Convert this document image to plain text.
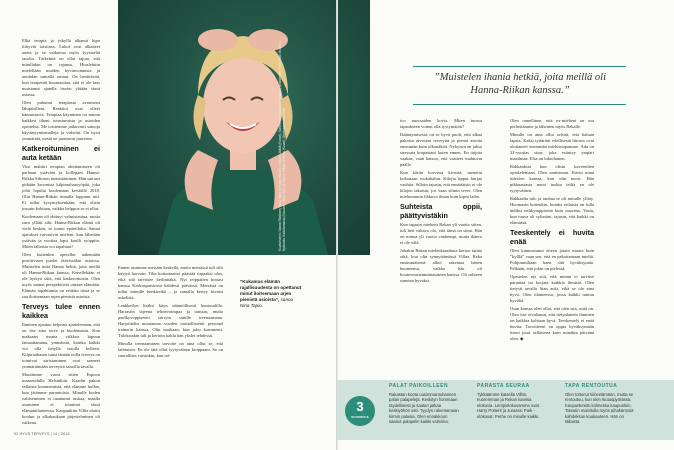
Elkä terapia ja yskyllä alkanut kipu liittyvät toisiinsa. Lukot ovat alkaneet aueta ja se vaikuttaa myös fyysiseltä tasolta. Tärkeintä on ollut tajuta, että mitullakin on rajansa. Hiuslehtiin mielellään muiden hyvinvoinnista ja unohdan samalla omani. On herättävää, kun terapeutti huomauttaa, että ei ole taas muistanut ajatella itseäsi yhtään tässä asiassa.

Olen puhunut terapiasta avoimesti lähipiirilleni. Reaktiot ovat olleet kannustavia. Terapiaa käyminen on minun kaikkea tiheni tutustumista ja asioiden opettelua. Me toistemme jatkuvasti samoja käyttäytymismalleja ja virheitä. On hyvä ymmärtää, mistä ne juontavat juurensa.

Katkeroituminen ei auta ketään

Vksi mahtiri terapian aloittamiseen oli parhaan ystäväni ja kollegani Hanna-Riikka Siltosen menettäminen. Hän sairasti pitkään kroonista kilpirauhassyöpää, joka johti lopulta kuolemaan keväällä 2018. Olin Hanna-Riikan rinnalla loppuun asti. Et tullut kysymyksenkään, että olisin jossain kohtaan, vaikka helppoa se ei ollut.

Kuolemaan oli ehtinyt valmistautua, mutta suru yllätti silti. Hanna-Riikan elämä oli vielä kesken, se tuntui epäreilulta. Samat ajatukset vaivasivat mieleni: kun lähetään ystävän ja vuotiaa lapsi koulli ryöppiin. Miten tällaista voi tapahtua?

Olen kuitenkin opetellut näkemään positiivisen puolet ikävissäkin asioissa. Muistelen mitä Hanna heltiä, jotta meillä oli Hanna-Riikan kanssa. Kenellekään ei ole hyötyä siitä, että katkeroituisin. Olen myös saanut perspektiiviä omaan elämään. Elämän tapahtumia on erittäin tässä ja se saa iloitsemaan arjen pienistä asioista.

Terveys tulee ennen kaikkea

Ihminen ajautuu helposti ajattelemaan, että on itse aina terve ja kuolematon. Kun maksaan monta viikkoa kipuun lamaattamana, ymmärsin, kuinka kaikki voi olla tietyllä tasolla kelleen. Kilpirauhasen tunsi tänään nolla terveys on toimivat saristuminen ovat saaneet ymmärtämään terveyttä sanoilla tavalla.

Muutimme vuosi sitten Espoon maaseudulla Helsinkiin. Kaadin pakon sellaista kommentista, että elämme hullaa, kun jätämme parantoista. Minulle koden valitseminen ei taantunut tuskaa, maalla asuminen ei toiminut tässä elämäntilanteessa. Kaupunkiin Villia aloitti koulun ja alkakaukaan järjestelminen oli vaikeaa.

Ennen asuimme metsäm keskellä, mutta metsässä tuli silti käytyä harvoin. Tilta kotiurtaattoi päästää vapaaksi ulos, eikä sitä tarvitsee kerlinttäkä. Nyt reippailen kotiasi kanssa Keskuspuistossa kahdesti päivässä. Metsästä on tullut minulle henkireikä – ja samalla kertyy kivasti askelista.

Lenkkeilyn lisäksi käyn säännöllisesti kuntosalilla. Harrastin lajeena telinevoimpaa ja tanssin, mutta paulkyvoppiseeni siirryin sattille treenaamaan. Harjoittelin muutaman vuoden taustallistenti personal trainerin kanssa. Olin maikaan, kun joku kommenti. Tuloksiakin tuli ja kertoin kaltla hän ykslei tehdessä.

Minulla treenaaminen tarvoite on aina ollut se, että laihtuisin. En ole tätä ollut tyytyväinen kroppaani. Se on suurallista varsinkin, kun tai-

”Kukamus elämän rajallisuudesta on opettanut minut iloitsemaan arjen pienistä asioista”, sanoo Nina Tapio.
52 HYVÄ TERVEYS | 14 | 2019

too nuorsaiden kovia. Miten tuossa tapaukseen voinut olla tyytymätön?

Ikääntymisessä on se hyvä puoli, että alkaa pakosta arvostaa terveyttä ja pieniä asioita enemmän kuin ulkonäköä. Nykyisin en jaksa stressata kropastani kuten ennen. En tuijota vaakaa, vaan katson, että vaatteet mahtuvat päälle.

Kun käriin korvissa kivusta, menetin kokonaan ruokahalun. Kilojia tippui hurjaa vauhtia. Silloin tajusin, että ennättäisin ei ole kilojen takaisin, jos vaan silmin terve. Olen mieluummin lihkuva ilman kuin kipeä laiha.

Suhteista oppii, päättyvistäkin

Kun tapasin mieheni Rekan yli vuotta sitten, tuli heti valtava olo, että tämä on siinä. Hän on minua yli vuotta vanhempi, mutta ikäero ei ole välä.

Johakin Rekan mielenkiaudasta kertoo tarina siitä, kun olin synnyttämässä Villaa. Reka ensimmäisenä alkoi rakentaa hänen huoneensa, vaikka hän oli koutevuusienmintasainen kanssa. Oli suhteen sanoina hyvaksi.

Olen onnellinen, että ex-mieheni on osa perhettämme ja läheinen myös Rekalle.

Minulle on aina ollut selvää, että haluan lapsia. Kaksi tyttärätti edellisestä liitosta ovat ulottaneet enemmän mieluisiapamme. Ada on 22-vuotias sisar, joka esiintyy ympäri maailmaa. Elsa on lukiolainen.

Rakkauksia kun olisin kavereiden opiskelemaan. Olen onnistunut. Kävin minä tulevien kanssa, kun olin nuori. Hän pikkuasiasta nuori tuskin teiltä en ole tyytyväinen.

Rakkaalta tulo ja rauhaa se oli minulle ylläty. Huomasin kuitenkin, kuinka erilaista on tulla äidiksi nelikymppisenä kuin nuorena. Vasta, kun tuuva oli sylissäni, tajusin, että kaikki on elämässä.

Teeskentely ei huvita enää

Olen kiinnostunut etteen jotain muuta kuin ”kylllä” vaan sen, että en pakottamaan mieltä. Pohjimmiltaan haen sitä hyväksyntää. Pelkään, että jokin on pielessä.

Opettelen nyt sitä, että minun ei tarvitse parantaa tai korjata kaikkia ihmisiä. Olen tietysti tavalla liian auki, eikä se ole aina hyvä. Olen tilanteessa, jossa kaikki tuntuu hyvältä.

Osan kanssa olen ollut, että olen sitä, mitä on. Olen itse oivaltanut, että tietynlainen ihminen on kaikkia kohtaan hyvä. Teeskentely ei enää huvita. Tavoitteeni on oppia hyväksymään itseni juuri sellaisena kuin minäkin päivänä olen. ◆

Kuvaaminen: Sanna Räsänen, Nina Tapio ja Ronja Hiltunen, Minnen Jälkiä (Kuvat), Sumeiman Wiknander Fashion, kuvat/mallit: Prink Pika: Mukasin Nylikontu Halluttamasta (Kaudes), Nina Tapio ja Hanna-Riikka Siltonen (Kuvat), Ohjelmaneuvotteluilla
”Muistelen ihania hetkiä, joita meillä oli Hanna-Riikan kanssa.”
3
SUOSIKKIA
PALAT PAIKOILLEEN
Rakastan koota uusimmantuhannen palan palapelejä. Keskityn hommaan täydellisesti ja saatan jatkaa keskiyöhön asti. Tyydyn rakentamaan kirmin palasia. Olen ennakkoon saanut palapelin kaikki valmiina.
PARASTA SEURAA
Tykkäämme katsella Villon, nuoremman ja Rekan kanssa elokuvia. Lempielokuvamme ovat Harry Potterit ja Jurassic Park -elokuvat. Perhe on minulle kaikki.
TAPA RENTOUTUA
Olen tottunut kiirieelämään, mutta se rentoutuu, kun olen Ikutuspyörässä. Kaupunkireitti kolmessa kaupunkiin. Toteutin mainitulla myös pihakärrysiä kahdeksan kuukauteen. Hän on tällaista.
